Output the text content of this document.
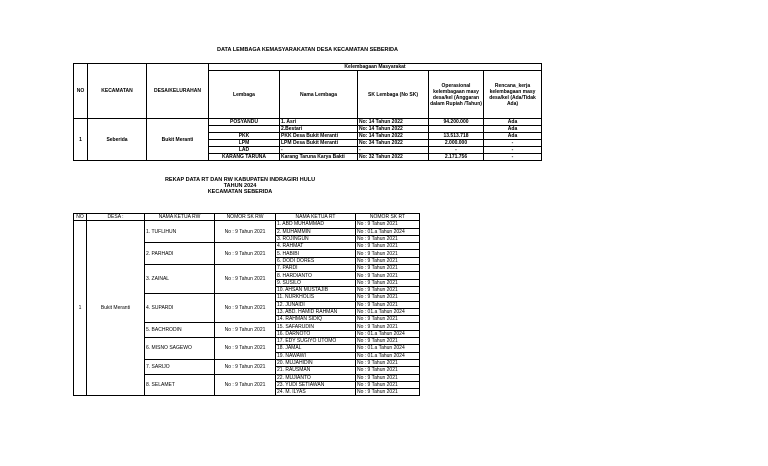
DATA LEMBAGA KEMASYARAKATAN DESA KECAMATAN SEBERIDA
NO	KECAMATAN	DESA/KELURAHAN	Kelembagaan Masyarakat				
			Lembaga	Nama Lembaga	SK Lembaga (No SK)	Operasional kelembagaan masy desa/kel (Anggaran dalam Rupiah /Tahun)	Rencana_kerja kelembagaan masy desa/kel (Ada/Tidak Ada)
1	Seberida	Bukit Meranti	POSYANDU	1. Asri	No: 14 Tahun 2022	94.200.000	Ada
				2.Bestari	No: 14 Tahun 2022		Ada
			PKK	PKK Desa Bukit Meranti	No: 14 Tahun 2022	13.513.718	Ada
			LPM	LPM Desa Bukit Meranti	No: 34 Tahun 2022	2.000.000	-
			LAD	-	-	-	-
			KARANG TARUNA	Karang Taruna Karya Bakti	No: 32 Tahun 2022	2.171.756	-
REKAP DATA RT DAN RW KABUPATEN INDRAGIRI HULU
TAHUN 2024
KECAMATAN SEBERIDA
NO	DESA :	NAMA KETUA RW	NOMOR SK RW	NAMA KETUA RT	NOMOR SK RT
1	Bukit Meranti	1. TUFLIHUN	No : 9 Tahun 2021	1. ABD MUHAMMAD	No : 9 Tahun 2021
				2. MUHAMMIN	No : 01.a Tahun 2024
				3. ROJINGUN	No : 9 Tahun 2021
		2. PARHADI	No : 9 Tahun 2021	4. RAHMAT	No : 9 Tahun 2021
				5. HABIBI	No : 9 Tahun 2021
				6. DODI DORES	No : 9 Tahun 2021
		3. ZAINAL	No : 9 Tahun 2021	7. PARDI	No : 9 Tahun 2021
				8. HARDIANTO	No : 9 Tahun 2021
				9. SUSILO	No : 9 Tahun 2021
				10. AHSAN MUSTAJIB	No : 9 Tahun 2021
		4. SUPARDI	No : 9 Tahun 2021	11. NURKHOLIS	No : 9 Tahun 2021
				12. JUNAIDI	No : 9 Tahun 2021
				13. ABD. HAMID RAHMAN	No : 01.a Tahun 2024
				14. RAHMAN SIDIQ	No : 9 Tahun 2021
		5. BACHRODIN	No : 9 Tahun 2021	15. SAFARUDIN	No : 9 Tahun 2021
				16. DARNOTO	No : 01.a Tahun 2024
		6. MISNO SAGEWO	No : 9 Tahun 2021	17. EDY SUGIYO UTOMO	No : 9 Tahun 2021
				18. JAMAL	No : 01.a Tahun 2024
				19. NAWAWI	No : 01.a Tahun 2024
		7. SARIJO	No : 9 Tahun 2021	20. MUJAHIDIN	No : 9 Tahun 2021
				21. RAUSMAN	No : 9 Tahun 2021
		8. SELAMET	No : 9 Tahun 2021	22. MUJIANTO	No : 9 Tahun 2021
				23. YUDI SETIAWAN	No : 9 Tahun 2021
				24. M. ILYAS	No : 9 Tahun 2021
